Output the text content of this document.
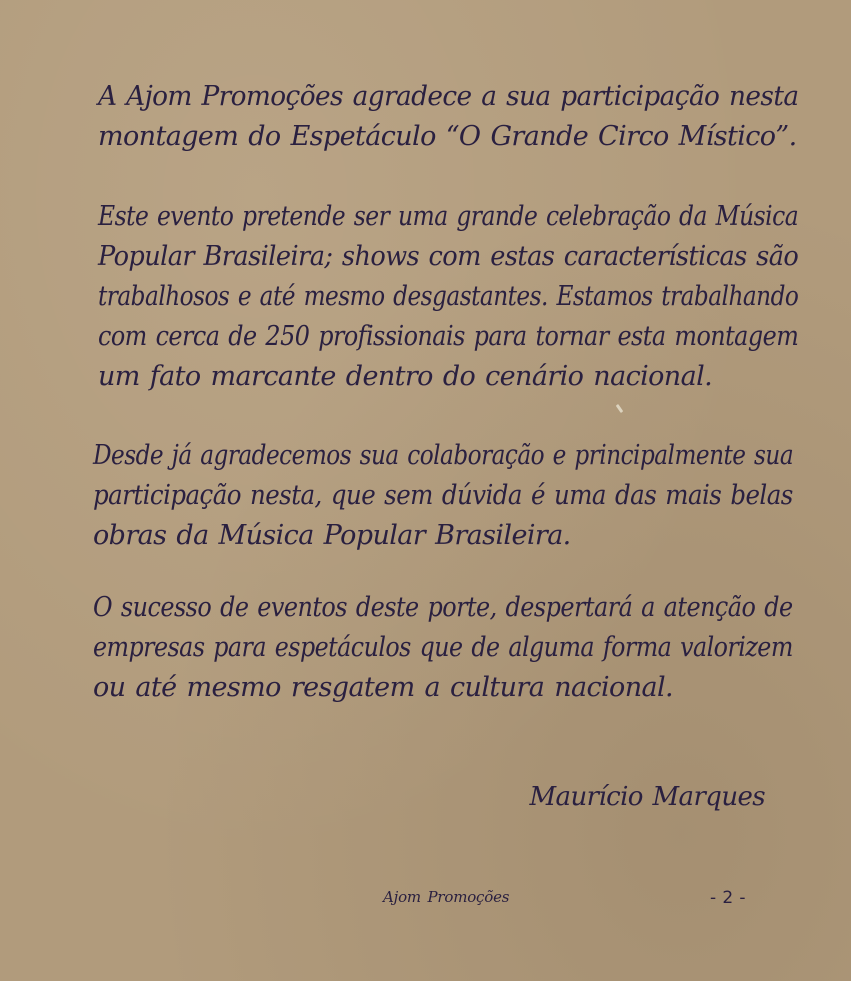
A Ajom Promoções agradece a sua participação nesta
montagem do Espetáculo “O Grande Circo Místico”.
Este evento pretende ser uma grande celebração da Música
Popular Brasileira; shows com estas características são
trabalhosos e até mesmo desgastantes. Estamos trabalhando
com cerca de 250 profissionais para tornar esta montagem
um fato marcante dentro do cenário nacional.
Desde já agradecemos sua colaboração e principalmente sua
participação nesta, que sem dúvida é uma das mais belas
obras da Música Popular Brasileira.
O sucesso de eventos deste porte, despertará a atenção de
empresas para espetáculos que de alguma forma valorizem
ou até mesmo resgatem a cultura nacional.
Maurício Marques
Ajom Promoções	- 2 -
